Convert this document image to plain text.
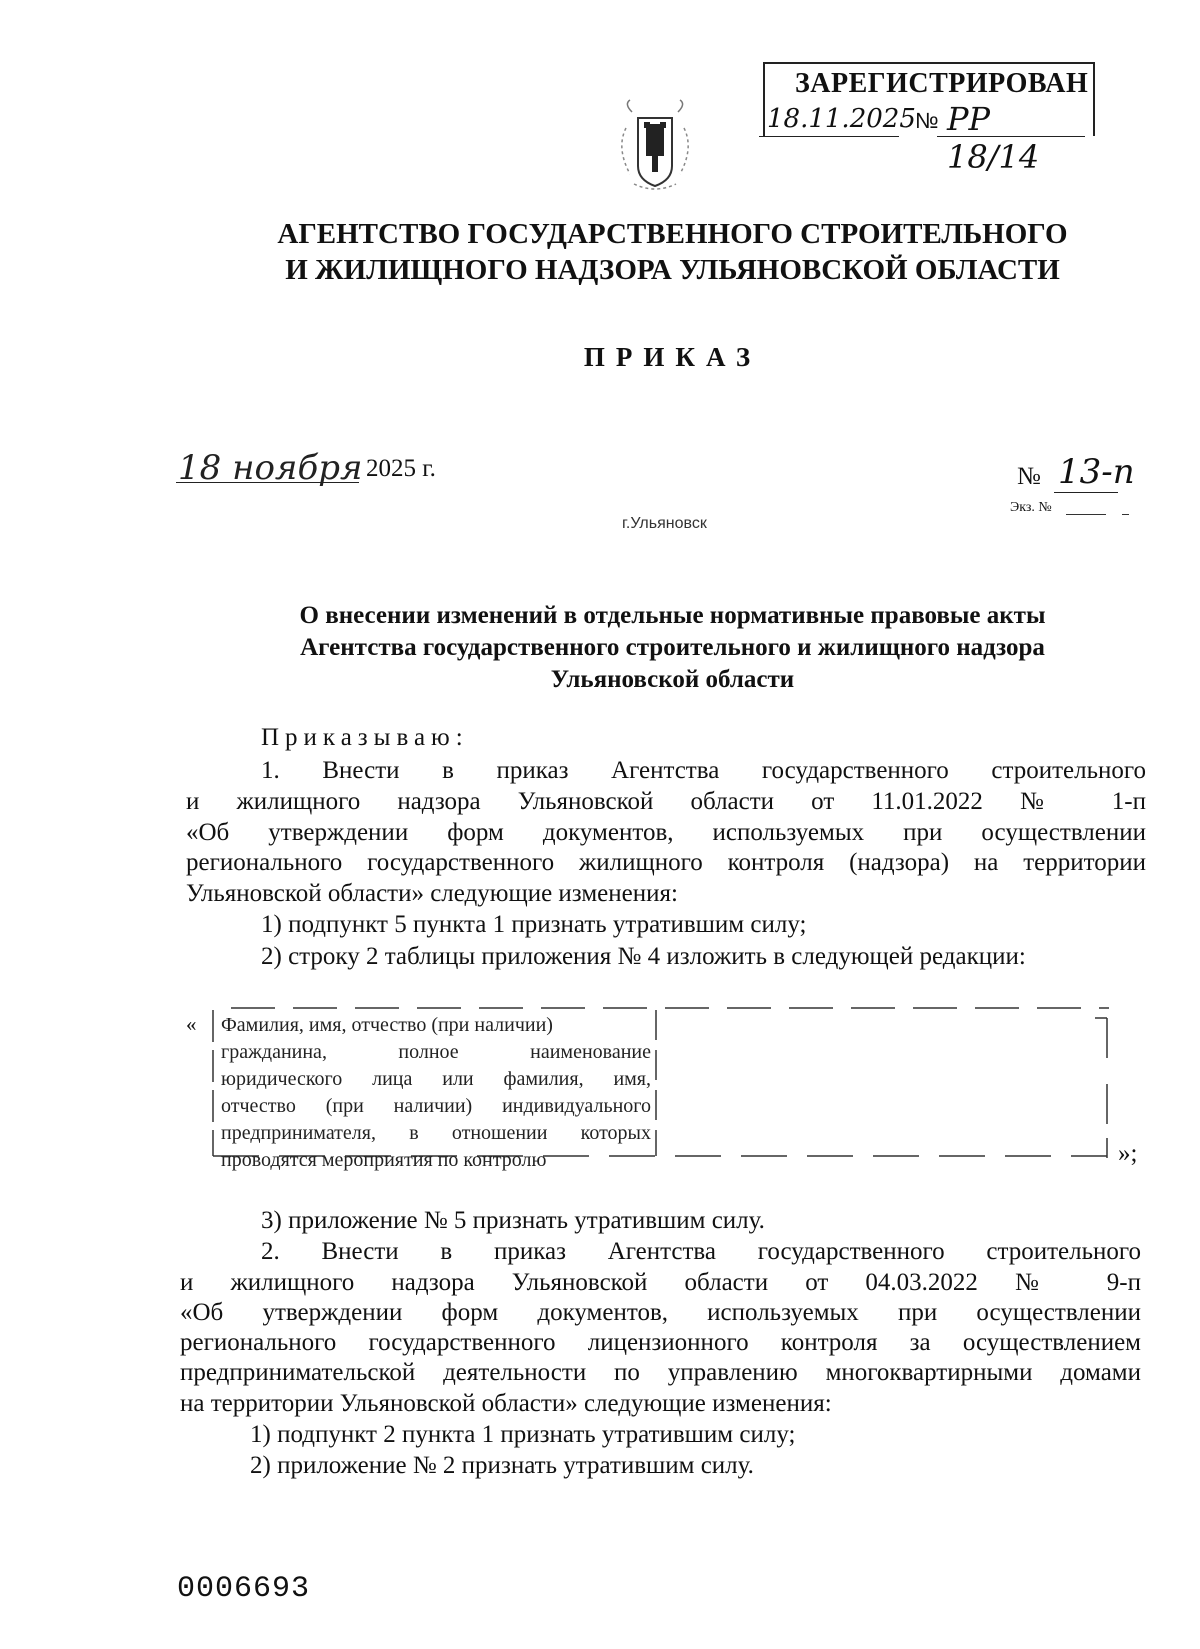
ЗАРЕГИСТРИРОВАН
18.11.2025 № РР 18/14
АГЕНТСТВО ГОСУДАРСТВЕННОГО СТРОИТЕЛЬНОГО
И ЖИЛИЩНОГО НАДЗОРА УЛЬЯНОВСКОЙ ОБЛАСТИ
ПРИКАЗ
18 ноября 2025 г.	№ 13-п
Экз. №
г.Ульяновск
О внесении изменений в отдельные нормативные правовые акты
Агентства государственного строительного и жилищного надзора
Ульяновской области
Приказываю:
1. Внести в приказ Агентства государственного строительного
и жилищного надзора Ульяновской области от 11.01.2022 № 1-п
«Об утверждении форм документов, используемых при осуществлении
регионального государственного жилищного контроля (надзора) на территории
Ульяновской области» следующие изменения:
1) подпункт 5 пункта 1 признать утратившим силу;
2) строку 2 таблицы приложения № 4 изложить в следующей редакции:
« Фамилия, имя, отчество (при наличии)
гражданина, полное наименование
юридического лица или фамилия, имя,
отчество (при наличии) индивидуального
предпринимателя, в отношении которых
проводятся мероприятия по контролю	»;
3) приложение № 5 признать утратившим силу.
2. Внести в приказ Агентства государственного строительного
и жилищного надзора Ульяновской области от 04.03.2022 № 9-п
«Об утверждении форм документов, используемых при осуществлении
регионального государственного лицензионного контроля за осуществлением
предпринимательской деятельности по управлению многоквартирными домами
на территории Ульяновской области» следующие изменения:
1) подпункт 2 пункта 1 признать утратившим силу;
2) приложение № 2 признать утратившим силу.
0006693
